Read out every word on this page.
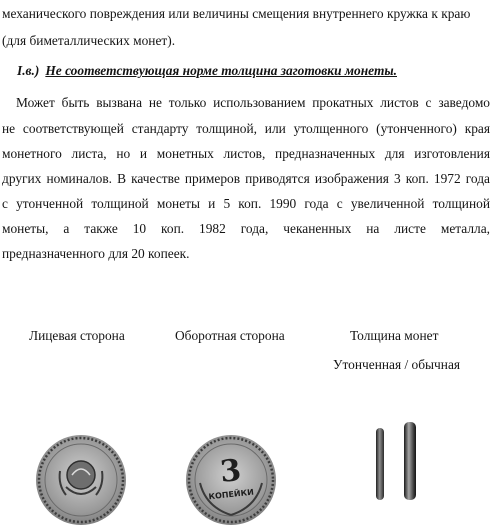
механического повреждения или величины смещения внутреннего кружка к краю
(для биметаллических монет).
I.в.) Не соответствующая норме толщина заготовки монеты.
Может быть вызвана не только использованием прокатных листов с заведомо
не соответствующей стандарту толщиной, или утолщенного (утонченного) края
монетного листа, но и монетных листов, предназначенных для изготовления
других номиналов. В качестве примеров приводятся изображения 3 коп. 1972 года
с утонченной толщиной монеты и 5 коп. 1990 года с увеличенной толщиной
монеты, а также 10 коп. 1982 года, чеканенных на листе металла,
предназначенного для 20 копеек.
Лицевая сторона	Оборотная сторона	Толщина монет
Утонченная / обычная
3
КОПЕЙКИ
